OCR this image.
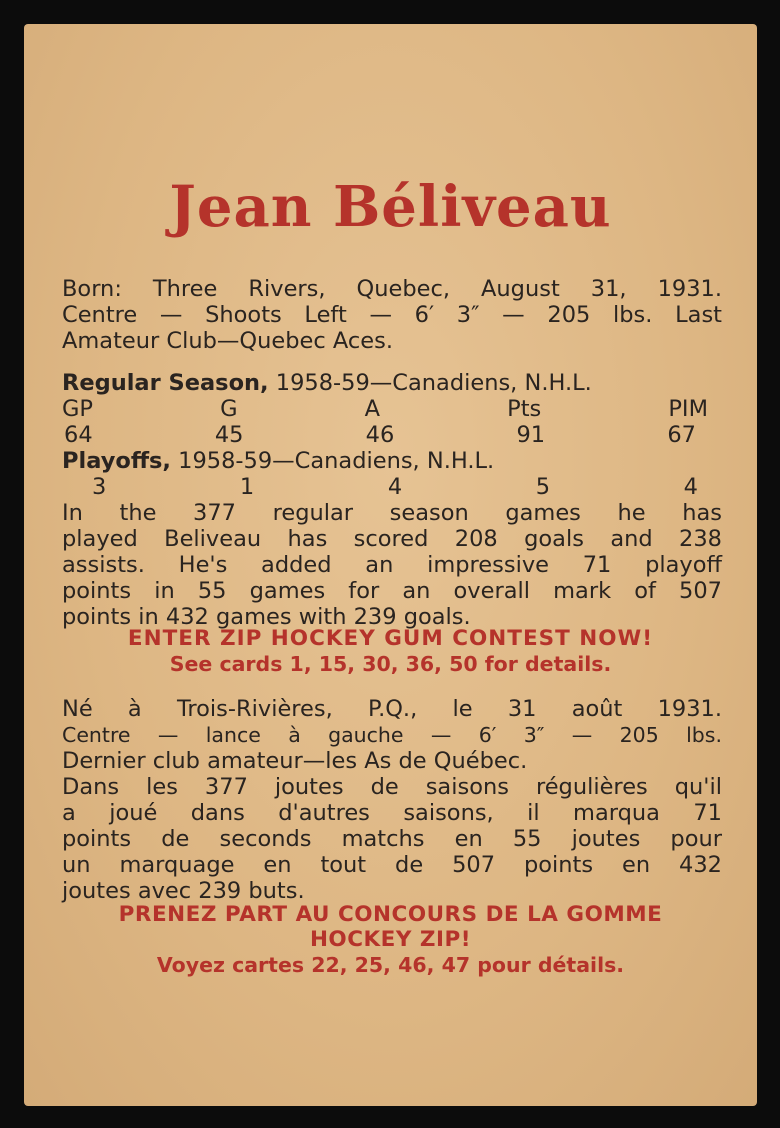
Jean Béliveau
Born: Three Rivers, Quebec, August 31, 1931.
Centre — Shoots Left — 6′ 3″ — 205 lbs. Last
Amateur Club—Quebec Aces.
Regular Season, 1958-59—Canadiens, N.H.L.
GP	G	A	Pts	PIM
64	45	46	91	67
Playoffs, 1958-59—Canadiens, N.H.L.
3	1	4	5	4
In the 377 regular season games he has
played Beliveau has scored 208 goals and 238
assists. He's added an impressive 71 playoff
points in 55 games for an overall mark of 507
points in 432 games with 239 goals.
ENTER ZIP HOCKEY GUM CONTEST NOW!
See cards 1, 15, 30, 36, 50 for details.
Né à Trois-Rivières, P.Q., le 31 août 1931.
Centre — lance à gauche — 6′ 3″ — 205 lbs.
Dernier club amateur—les As de Québec.
Dans les 377 joutes de saisons régulières qu'il
a joué dans d'autres saisons, il marqua 71
points de seconds matchs en 55 joutes pour
un marquage en tout de 507 points en 432
joutes avec 239 buts.
PRENEZ PART AU CONCOURS DE LA GOMME
HOCKEY ZIP!
Voyez cartes 22, 25, 46, 47 pour détails.
